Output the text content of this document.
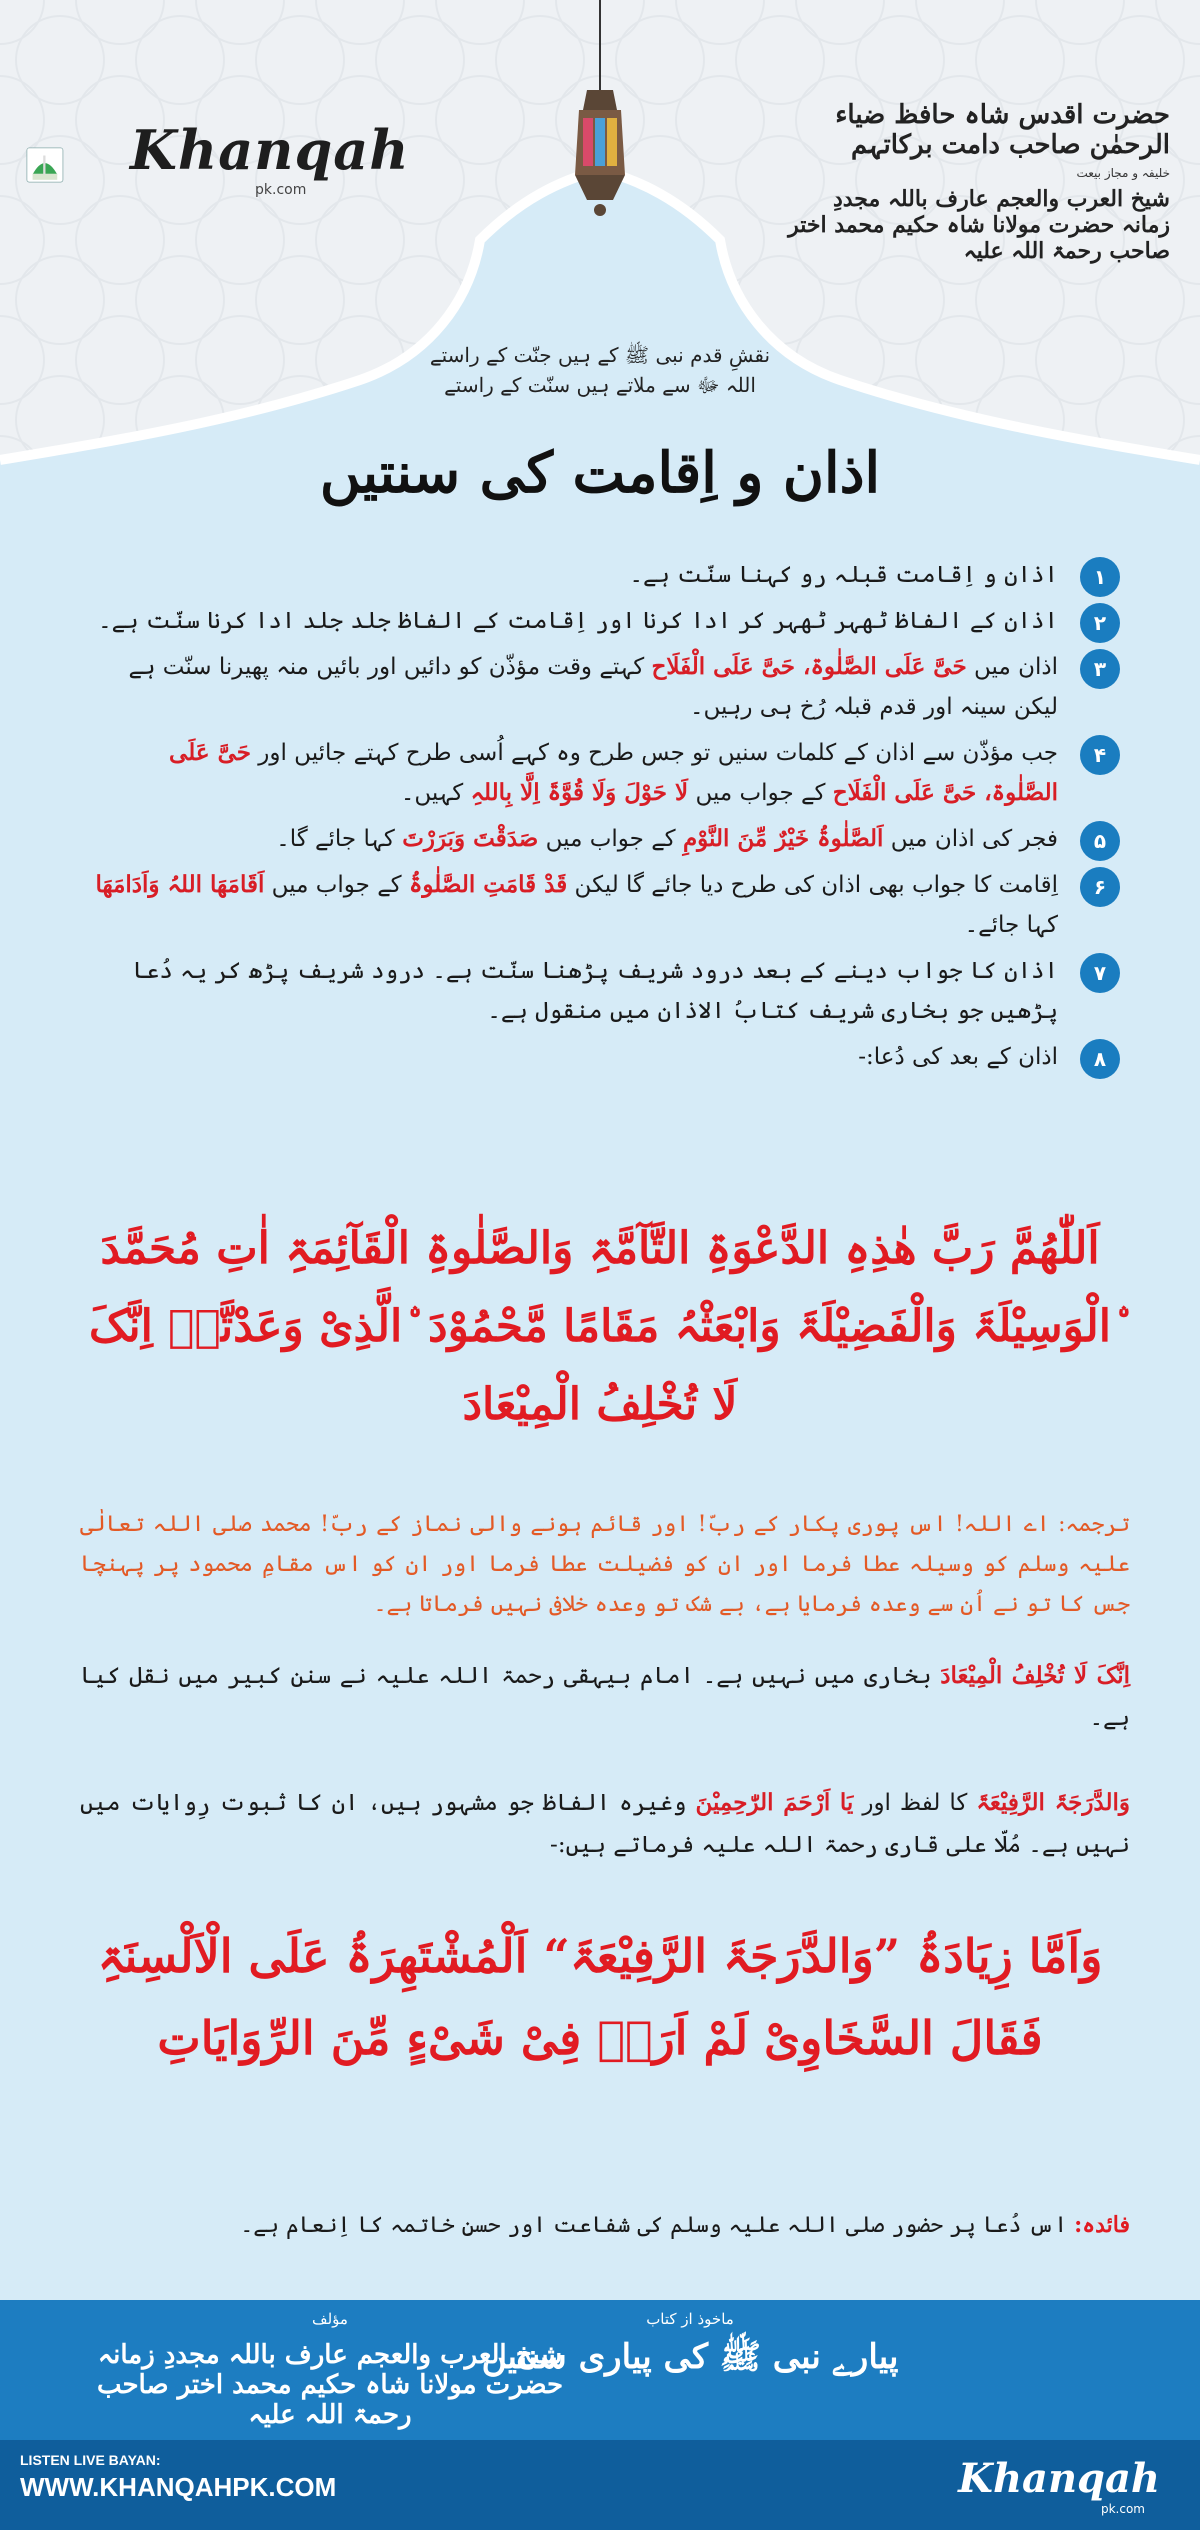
Khanqah
pk.com
حضرت اقدس شاہ حافظ ضیاء الرحمٰن صاحب دامت برکاتہم
خلیفہ و مجاز بیعت
شیخ العرب والعجم عارف باللہ مجددِ زمانہ حضرت مولانا شاہ حکیم محمد اختر صاحب رحمۃ اللہ علیہ
نقشِ قدم نبی ﷺ کے ہیں جنّت کے راستے
اللہ ﷻ سے ملاتے ہیں سنّت کے راستے
اذان و اِقامت کی سنتیں
۱
اذان و اِقامت قبلہ رو کہنا سنّت ہے۔
۲
اذان کے الفاظ ٹھہر ٹھہر کر ادا کرنا اور اِقامت کے الفاظ جلد جلد ادا کرنا سنّت ہے۔
۳
اذان میں حَیَّ عَلَی الصَّلٰوۃ، حَیَّ عَلَی الْفَلَاح کہتے وقت مؤذّن کو دائیں اور بائیں منہ پھیرنا سنّت ہے لیکن سینہ اور قدم قبلہ رُخ ہی رہیں۔
۴
جب مؤذّن سے اذان کے کلمات سنیں تو جس طرح وہ کہے اُسی طرح کہتے جائیں اور حَیَّ عَلَی الصَّلٰوۃ، حَیَّ عَلَی الْفَلَاح کے جواب میں لَا حَوْلَ وَلَا قُوَّۃَ اِلَّا بِاللہِ کہیں۔
۵
فجر کی اذان میں اَلصَّلٰوۃُ خَیْرٌ مِّنَ النَّوْمِ کے جواب میں صَدَقْتَ وَبَرَرْتَ کہا جائے گا۔
۶
اِقامت کا جواب بھی اذان کی طرح دیا جائے گا لیکن قَدْ قَامَتِ الصَّلٰوۃُ کے جواب میں اَقَامَھَا اللہُ وَاَدَامَھَا کہا جائے۔
۷
اذان کا جواب دینے کے بعد درود شریف پڑھنا سنّت ہے۔ درود شریف پڑھ کر یہ دُعا پڑھیں جو بخاری شریف کتابُ الاذان میں منقول ہے۔
۸
اذان کے بعد کی دُعا:-
اَللّٰھُمَّ رَبَّ ھٰذِہِ الدَّعْوَۃِ التَّآمَّۃِ وَالصَّلٰوۃِ الْقَآئِمَۃِ اٰتِ مُحَمَّدَ ۨالْوَسِیْلَۃَ وَالْفَضِیْلَۃَ وَابْعَثْہُ مَقَامًا مَّحْمُوْدَ ۨالَّذِیْ وَعَدْتَّہٗ اِنَّکَ لَا تُخْلِفُ الْمِیْعَادَ
ترجمہ: اے اللہ! اس پوری پکار کے ربّ! اور قائم ہونے والی نماز کے ربّ! محمد صلی اللہ تعالٰی علیہ وسلم کو وسیلہ عطا فرما اور ان کو فضیلت عطا فرما اور ان کو اس مقامِ محمود پر پہنچا جس کا تو نے اُن سے وعدہ فرمایا ہے، بے شک تو وعدہ خلافی نہیں فرماتا ہے۔
اِنَّکَ لَا تُخْلِفُ الْمِیْعَادَ بخاری میں نہیں ہے۔ امام بیہقی رحمۃ اللہ علیہ نے سنن کبیر میں نقل کیا ہے۔
وَالدَّرَجَۃَ الرَّفِیْعَۃَ کا لفظ اور یَا اَرْحَمَ الرّٰحِمِیْنَ وغیرہ الفاظ جو مشہور ہیں، ان کا ثبوت رِوایات میں نہیں ہے۔ مُلّا علی قاری رحمۃ اللہ علیہ فرماتے ہیں:-
وَاَمَّا زِیَادَۃُ ”وَالدَّرَجَۃَ الرَّفِیْعَۃَ“ اَلْمُشْتَھِرَۃُ عَلَی الْاَلْسِنَۃِ فَقَالَ السَّخَاوِیْ لَمْ اَرَہٗ فِیْ شَیْءٍ مِّنَ الرِّوَایَاتِ
فائدہ: اس دُعا پر حضور صلی اللہ علیہ وسلم کی شفاعت اور حسنِ خاتمہ کا اِنعام ہے۔
ماخوذ از کتاب
پیارے نبی ﷺ کی پیاری سنتیں
مؤلف
شیخ العرب والعجم عارف باللہ مجددِ زمانہ حضرت مولانا شاہ حکیم محمد اختر صاحب رحمۃ اللہ علیہ
LISTEN LIVE BAYAN:
WWW.KHANQAHPK.COM	Khanqah
pk.com
